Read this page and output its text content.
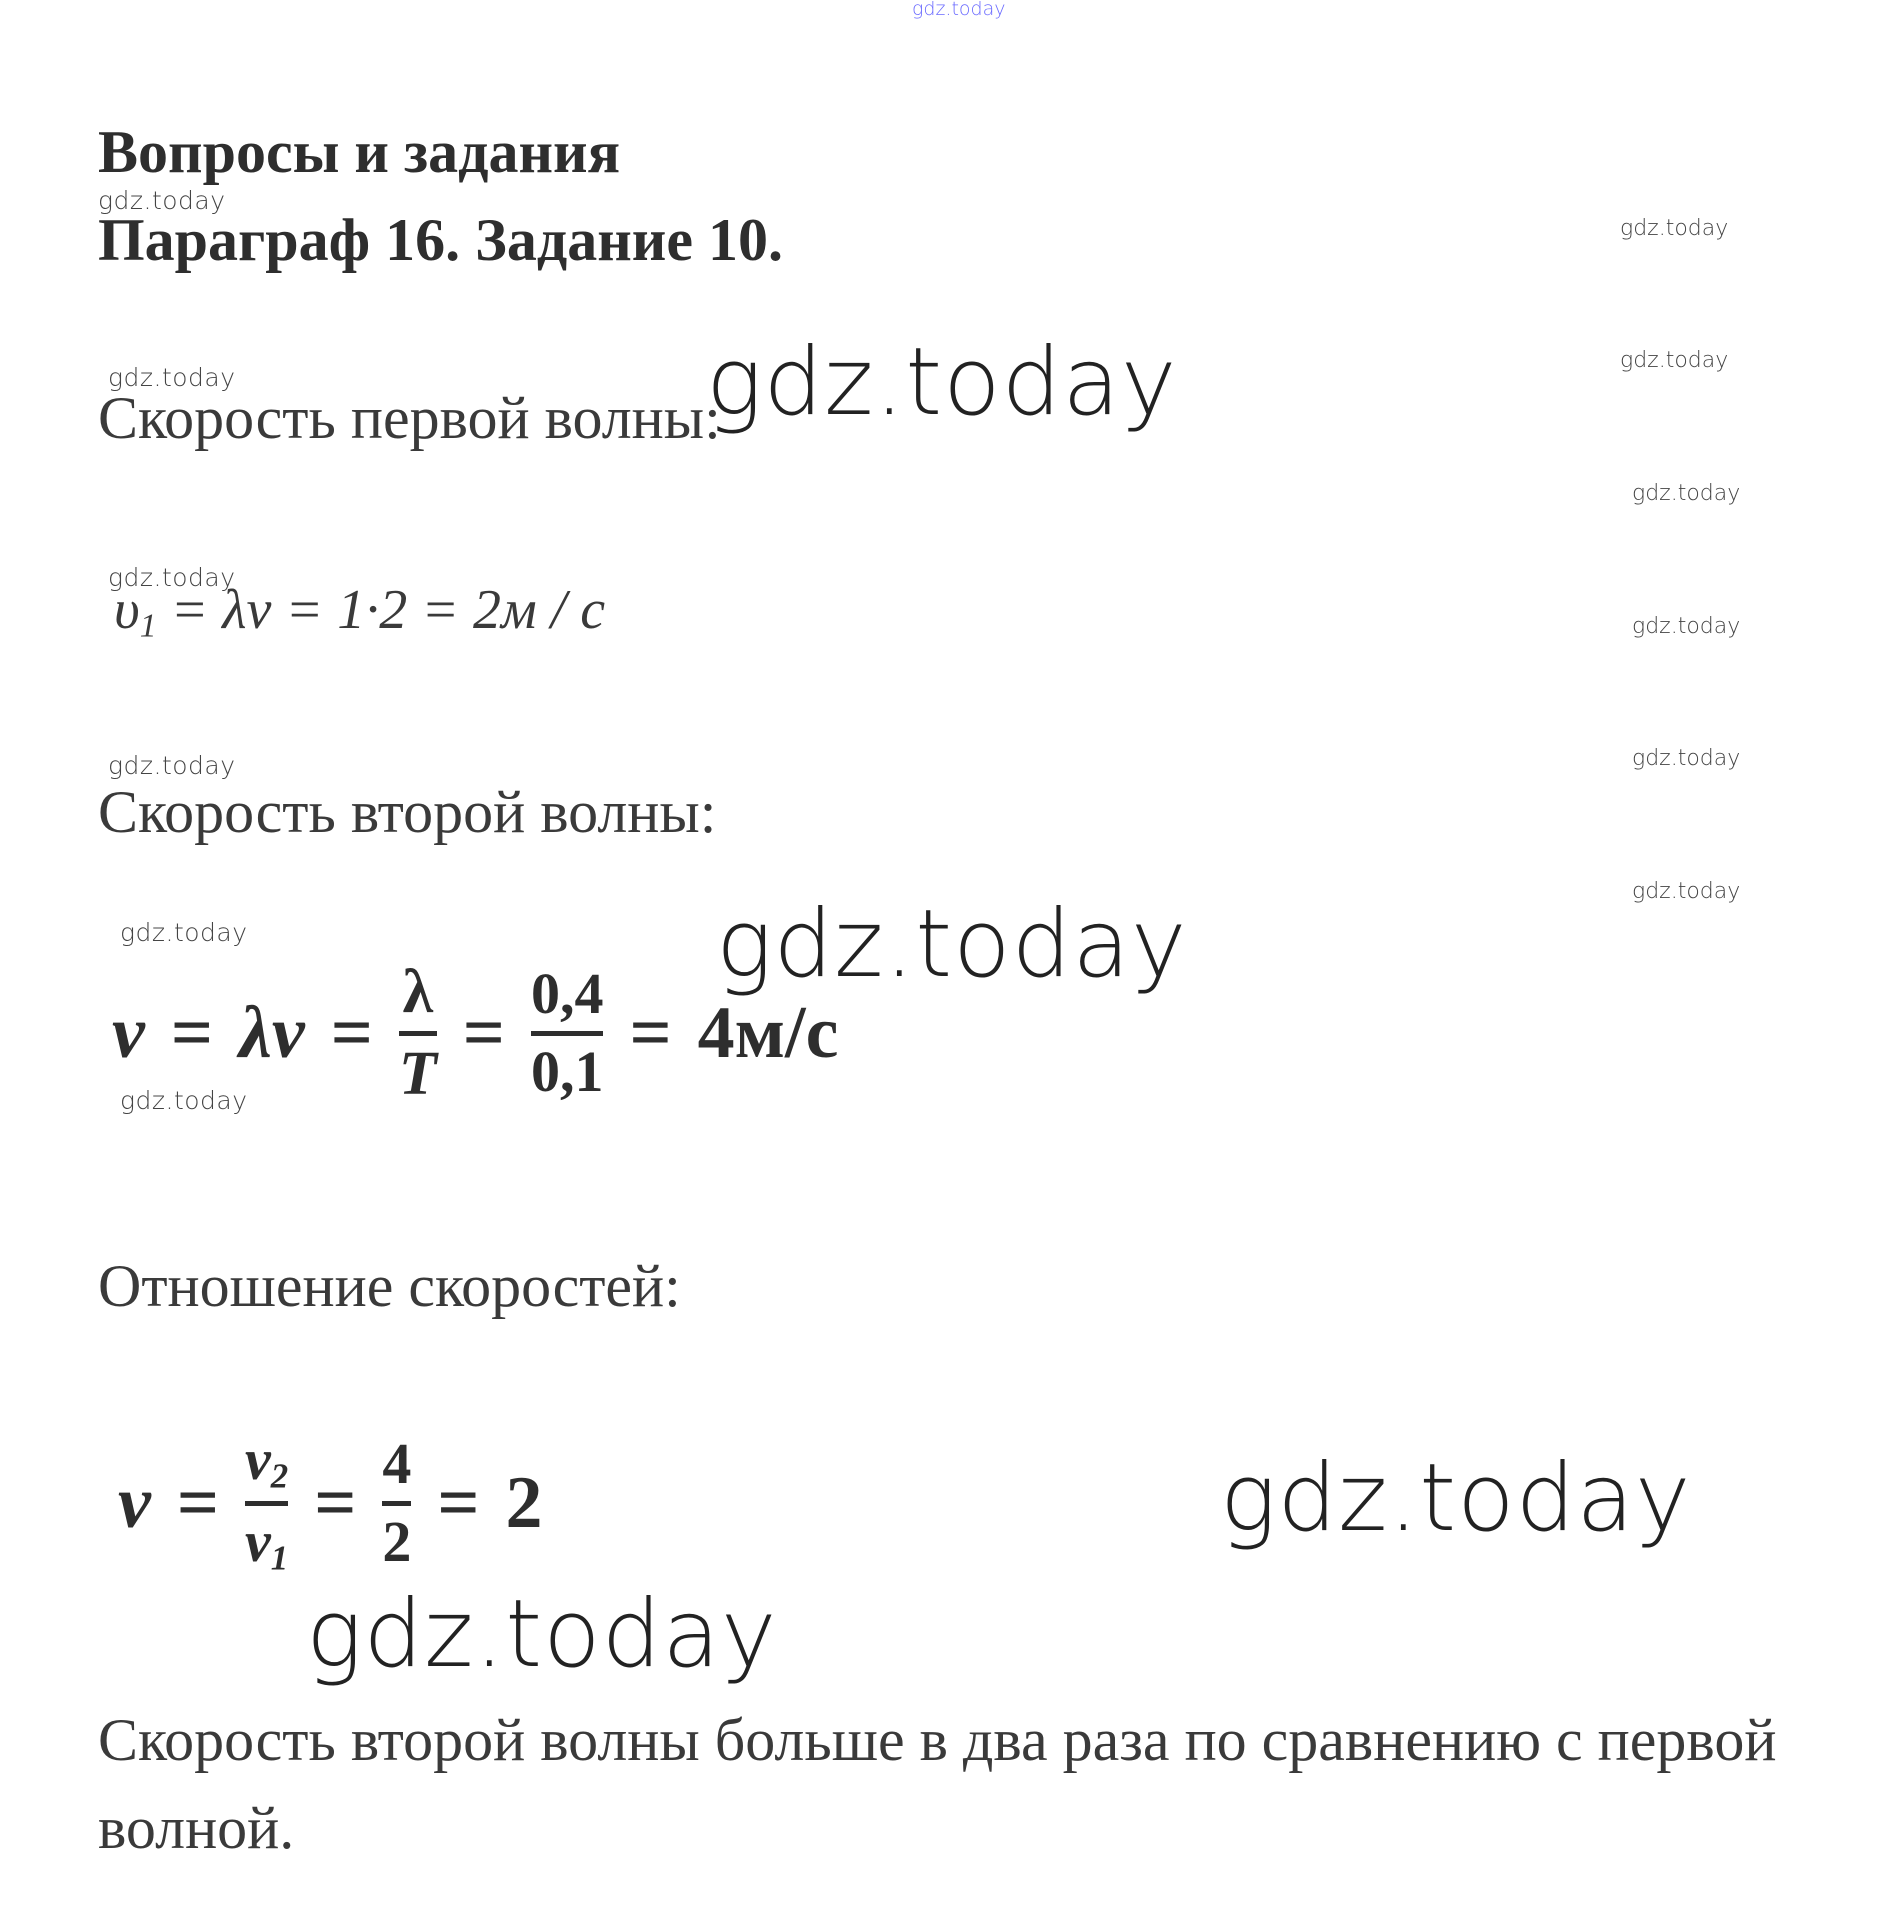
gdz.today
Вопросы и задания
gdz.today
Параграф 16. Задание 10.	gdz.today
gdz.today
gdz.today
gdz.today
gdz.today
gdz.today
gdz.today
Скорость первой волны:
gdz.today
gdz.today
$\upsilon_1 = \lambda\nu = 1\cdot 2 = 2м / с$
gdz.today
Скорость второй волны:
gdz.today
gdz.today
v = λv =
λ
T = 0,4
0,1 = 4м/с
gdz.today
Отношение скоростей:
v =
$v_2$
$v_1$
= 4
2 = 2	gdz.today
gdz.today
Скорость второй волны больше в два раза по сравнению с первой
волной.
